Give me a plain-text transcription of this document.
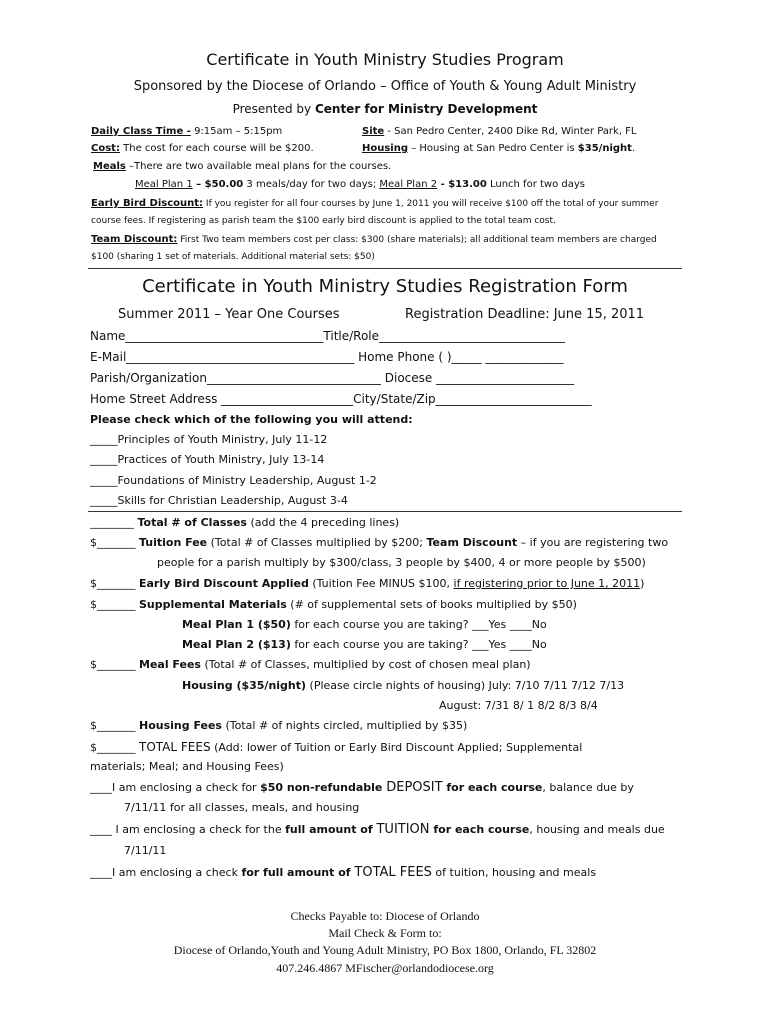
Certificate in Youth Ministry Studies Program
Sponsored by the Diocese of Orlando – Office of Youth & Young Adult Ministry
Presented by Center for Ministry Development
Daily Class Time - 9:15am – 5:15pm	Site - San Pedro Center, 2400 Dike Rd, Winter Park, FL
Cost: The cost for each course will be $200.	Housing – Housing at San Pedro Center is $35/night.
Meals –There are two available meal plans for the courses.
Meal Plan 1 – $50.00 3 meals/day for two days; Meal Plan 2 - $13.00 Lunch for two days
Early Bird Discount: If you register for all four courses by June 1, 2011 you will receive $100 off the total of your summer
course fees. If registering as parish team the $100 early bird discount is applied to the total team cost.
Team Discount: First Two team members cost per class: $300 (share materials); all additional team members are charged
$100 (sharing 1 set of materials. Additional material sets: $50)
Certificate in Youth Ministry Studies Registration Form
Summer 2011 – Year One Courses	Registration Deadline: June 15, 2011
Name_________________________________Title/Role_______________________________
E-Mail______________________________________ Home Phone ( )_____ _____________
Parish/Organization_____________________________ Diocese _______________________
Home Street Address ______________________City/State/Zip__________________________
Please check which of the following you will attend:
_____Principles of Youth Ministry, July 11-12
_____Practices of Youth Ministry, July 13-14
_____Foundations of Ministry Leadership, August 1-2
_____Skills for Christian Leadership, August 3-4
________ Total # of Classes (add the 4 preceding lines)
$_______ Tuition Fee (Total # of Classes multiplied by $200; Team Discount – if you are registering two
people for a parish multiply by $300/class, 3 people by $400, 4 or more people by $500)
$_______ Early Bird Discount Applied (Tuition Fee MINUS $100, if registering prior to June 1, 2011)
$_______ Supplemental Materials (# of supplemental sets of books multiplied by $50)
Meal Plan 1 ($50) for each course you are taking? ___Yes ____No
Meal Plan 2 ($13) for each course you are taking? ___Yes ____No
$_______ Meal Fees (Total # of Classes, multiplied by cost of chosen meal plan)
Housing ($35/night) (Please circle nights of housing) July: 7/10 7/11 7/12 7/13
August: 7/31 8/ 1 8/2 8/3 8/4
$_______ Housing Fees (Total # of nights circled, multiplied by $35)
$_______ TOTAL FEES (Add: lower of Tuition or Early Bird Discount Applied; Supplemental
materials; Meal; and Housing Fees)
____I am enclosing a check for $50 non-refundable DEPOSIT for each course, balance due by
7/11/11 for all classes, meals, and housing
____ I am enclosing a check for the full amount of TUITION for each course, housing and meals due
7/11/11
____I am enclosing a check for full amount of TOTAL FEES of tuition, housing and meals
Checks Payable to: Diocese of Orlando
Mail Check & Form to:
Diocese of Orlando,Youth and Young Adult Ministry, PO Box 1800, Orlando, FL 32802
407.246.4867 MFischer@orlandodiocese.org
